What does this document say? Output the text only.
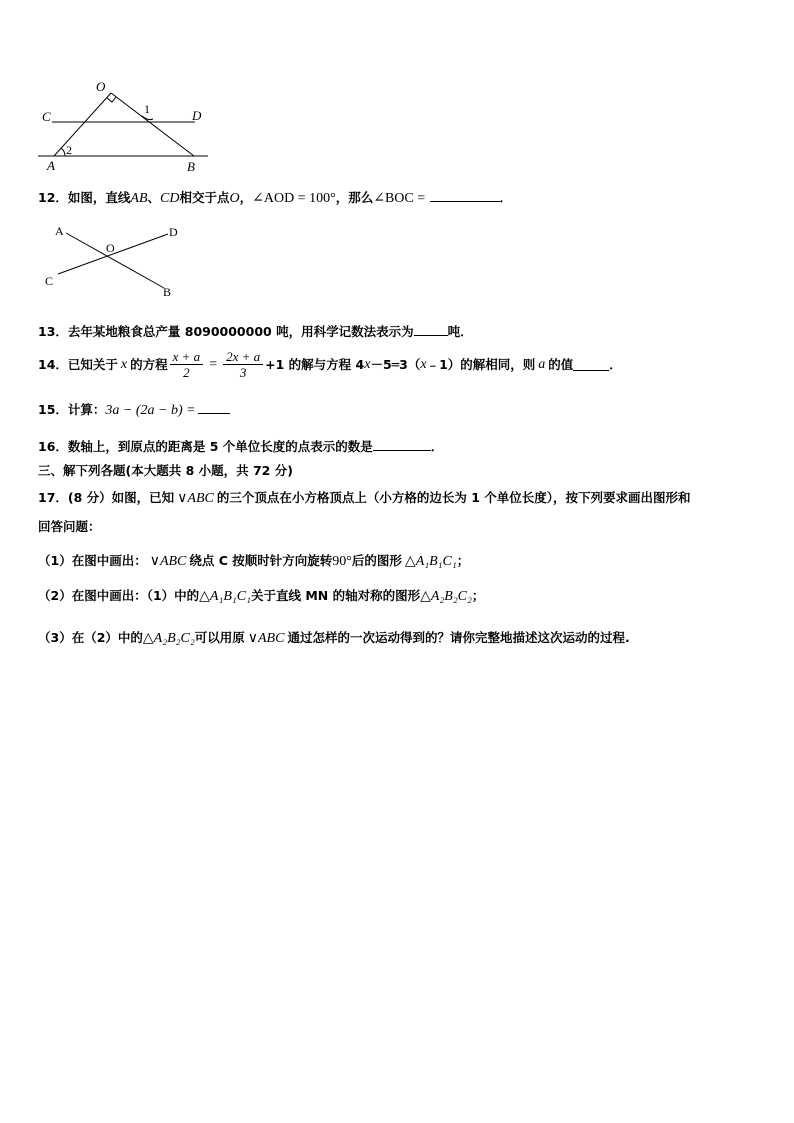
O
C	D
A	B
1
2
12．如图，直线AB、CD相交于点O，∠AOD = 100°，那么∠BOC =	．
A	D
O
C
B
13．去年某地粮食总产量 8090000000 吨，用科学记数法表示为	吨．
14．已知关于 x 的方程 $\frac{x + a}{2} = \frac{2x + a}{3} +1$ 的解与方程 4 x －5═3（ x ﹣1）的解相同，则 a 的值	．
15．计算：3a − (2a − b) =
16．数轴上，到原点的距离是 5 个单位长度的点表示的数是	．
三、解下列各题(本大题共 8 小题，共 72 分)
17．(8 分）如图，已知 ∨ABC 的三个顶点在小方格顶点上（小方格的边长为 1 个单位长度），按下列要求画出图形和
回答问题：
（1）在图中画出： ∨ABC 绕点 C 按顺时针方向旋转90°后的图形 △A₁B₁C₁；
（2）在图中画出：（1）中的△A₁B₁C₁关于直线 MN 的轴对称的图形△A₂B₂C₂；
（3）在（2）中的△A₂B₂C₂可以用原 ∨ABC 通过怎样的一次运动得到的？请你完整地描述这次运动的过程.
